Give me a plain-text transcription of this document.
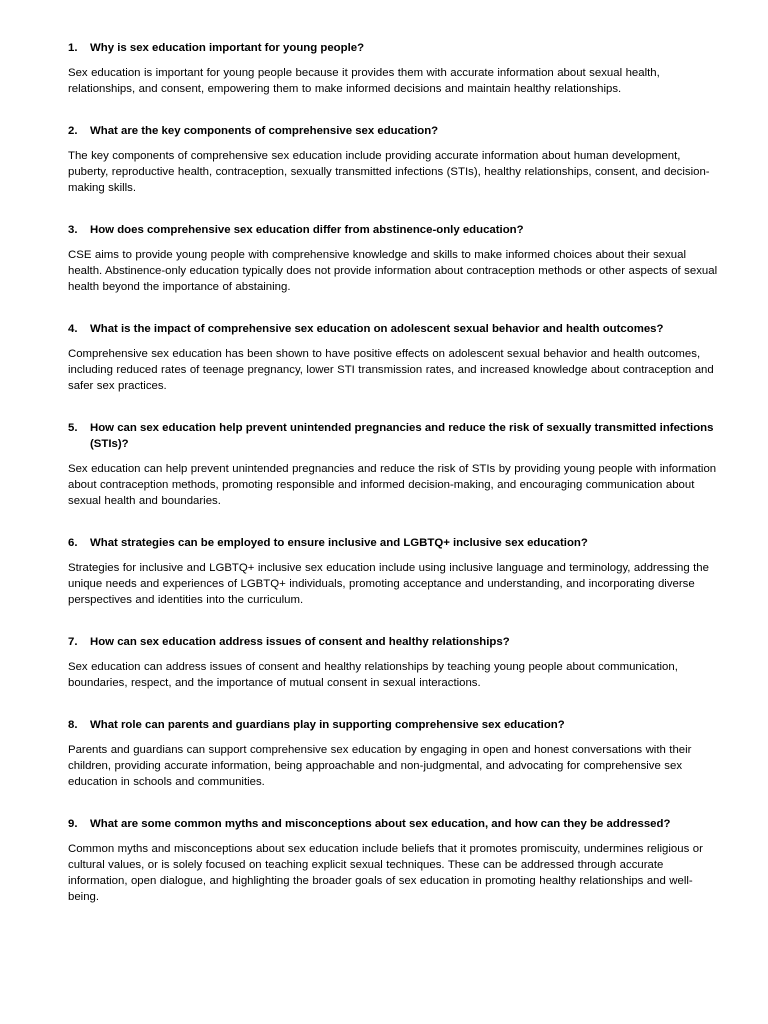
1. Why is sex education important for young people?

Sex education is important for young people because it provides them with accurate information about sexual health, relationships, and consent, empowering them to make informed decisions and maintain healthy relationships.

2. What are the key components of comprehensive sex education?

The key components of comprehensive sex education include providing accurate information about human development, puberty, reproductive health, contraception, sexually transmitted infections (STIs), healthy relationships, consent, and decision-making skills.

3. How does comprehensive sex education differ from abstinence-only education?

CSE aims to provide young people with comprehensive knowledge and skills to make informed choices about their sexual health. Abstinence-only education typically does not provide information about contraception methods or other aspects of sexual health beyond the importance of abstaining.

4. What is the impact of comprehensive sex education on adolescent sexual behavior and health outcomes?

Comprehensive sex education has been shown to have positive effects on adolescent sexual behavior and health outcomes, including reduced rates of teenage pregnancy, lower STI transmission rates, and increased knowledge about contraception and safer sex practices.

5. How can sex education help prevent unintended pregnancies and reduce the risk of sexually transmitted infections (STIs)?

Sex education can help prevent unintended pregnancies and reduce the risk of STIs by providing young people with information about contraception methods, promoting responsible and informed decision-making, and encouraging communication about sexual health and boundaries.

6. What strategies can be employed to ensure inclusive and LGBTQ+ inclusive sex education?

Strategies for inclusive and LGBTQ+ inclusive sex education include using inclusive language and terminology, addressing the unique needs and experiences of LGBTQ+ individuals, promoting acceptance and understanding, and incorporating diverse perspectives and identities into the curriculum.

7. How can sex education address issues of consent and healthy relationships?

Sex education can address issues of consent and healthy relationships by teaching young people about communication, boundaries, respect, and the importance of mutual consent in sexual interactions.

8. What role can parents and guardians play in supporting comprehensive sex education?

Parents and guardians can support comprehensive sex education by engaging in open and honest conversations with their children, providing accurate information, being approachable and non-judgmental, and advocating for comprehensive sex education in schools and communities.

9. What are some common myths and misconceptions about sex education, and how can they be addressed?

Common myths and misconceptions about sex education include beliefs that it promotes promiscuity, undermines religious or cultural values, or is solely focused on teaching explicit sexual techniques. These can be addressed through accurate information, open dialogue, and highlighting the broader goals of sex education in promoting healthy relationships and well-being.
